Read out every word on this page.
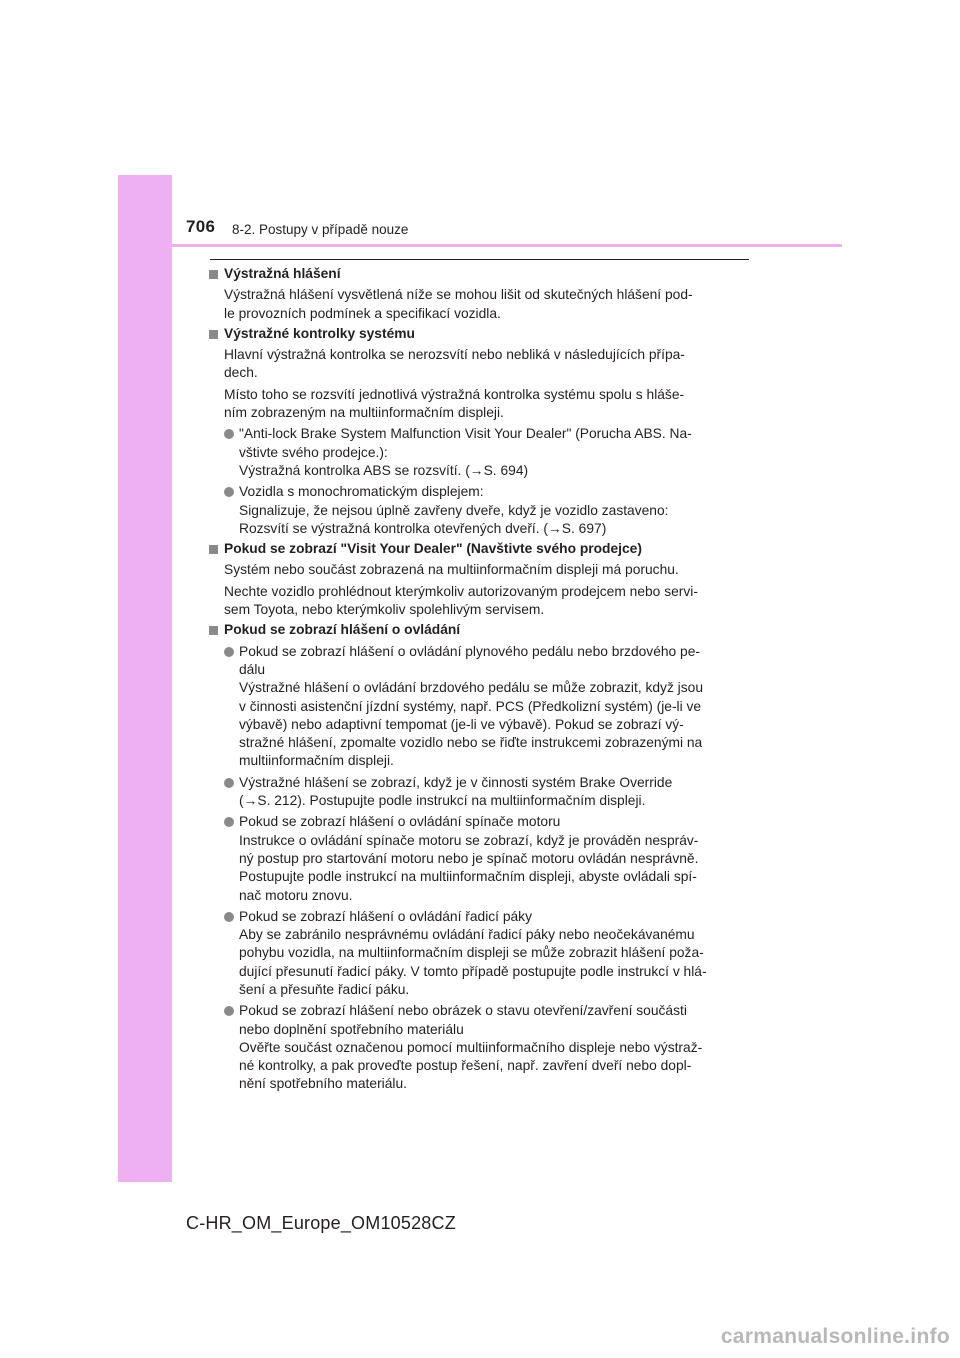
706 8-2. Postupy v případě nouze
Výstražná hlášení
Výstražná hlášení vysvětlená níže se mohou lišit od skutečných hlášení pod-
le provozních podmínek a specifikací vozidla.
Výstražné kontrolky systému
Hlavní výstražná kontrolka se nerozsvítí nebo nebliká v následujících přípa-
dech.
Místo toho se rozsvítí jednotlivá výstražná kontrolka systému spolu s hláše-
ním zobrazeným na multiinformačním displeji.
"Anti-lock Brake System Malfunction Visit Your Dealer" (Porucha ABS. Na-
vštivte svého prodejce.):
Výstražná kontrolka ABS se rozsvítí. (→S. 694)
Vozidla s monochromatickým displejem:
Signalizuje, že nejsou úplně zavřeny dveře, když je vozidlo zastaveno:
Rozsvítí se výstražná kontrolka otevřených dveří. (→S. 697)
Pokud se zobrazí "Visit Your Dealer" (Navštivte svého prodejce)
Systém nebo součást zobrazená na multiinformačním displeji má poruchu.
Nechte vozidlo prohlédnout kterýmkoliv autorizovaným prodejcem nebo servi-
sem Toyota, nebo kterýmkoliv spolehlivým servisem.
Pokud se zobrazí hlášení o ovládání
Pokud se zobrazí hlášení o ovládání plynového pedálu nebo brzdového pe-
dálu
Výstražné hlášení o ovládání brzdového pedálu se může zobrazit, když jsou
v činnosti asistenční jízdní systémy, např. PCS (Předkolizní systém) (je-li ve
výbavě) nebo adaptivní tempomat (je-li ve výbavě). Pokud se zobrazí vý-
stražné hlášení, zpomalte vozidlo nebo se řiďte instrukcemi zobrazenými na
multiinformačním displeji.
Výstražné hlášení se zobrazí, když je v činnosti systém Brake Override
(→S. 212). Postupujte podle instrukcí na multiinformačním displeji.
Pokud se zobrazí hlášení o ovládání spínače motoru
Instrukce o ovládání spínače motoru se zobrazí, když je prováděn nespráv-
ný postup pro startování motoru nebo je spínač motoru ovládán nesprávně.
Postupujte podle instrukcí na multiinformačním displeji, abyste ovládali spí-
nač motoru znovu.
Pokud se zobrazí hlášení o ovládání řadicí páky
Aby se zabránilo nesprávnému ovládání řadicí páky nebo neočekávanému
pohybu vozidla, na multiinformačním displeji se může zobrazit hlášení poža-
dující přesunutí řadicí páky. V tomto případě postupujte podle instrukcí v hlá-
šení a přesuňte řadicí páku.
Pokud se zobrazí hlášení nebo obrázek o stavu otevření/zavření součásti
nebo doplnění spotřebního materiálu
Ověřte součást označenou pomocí multiinformačního displeje nebo výstraž-
né kontrolky, a pak proveďte postup řešení, např. zavření dveří nebo dopl-
nění spotřebního materiálu.
C-HR_OM_Europe_OM10528CZ
carmanualsonline.info
